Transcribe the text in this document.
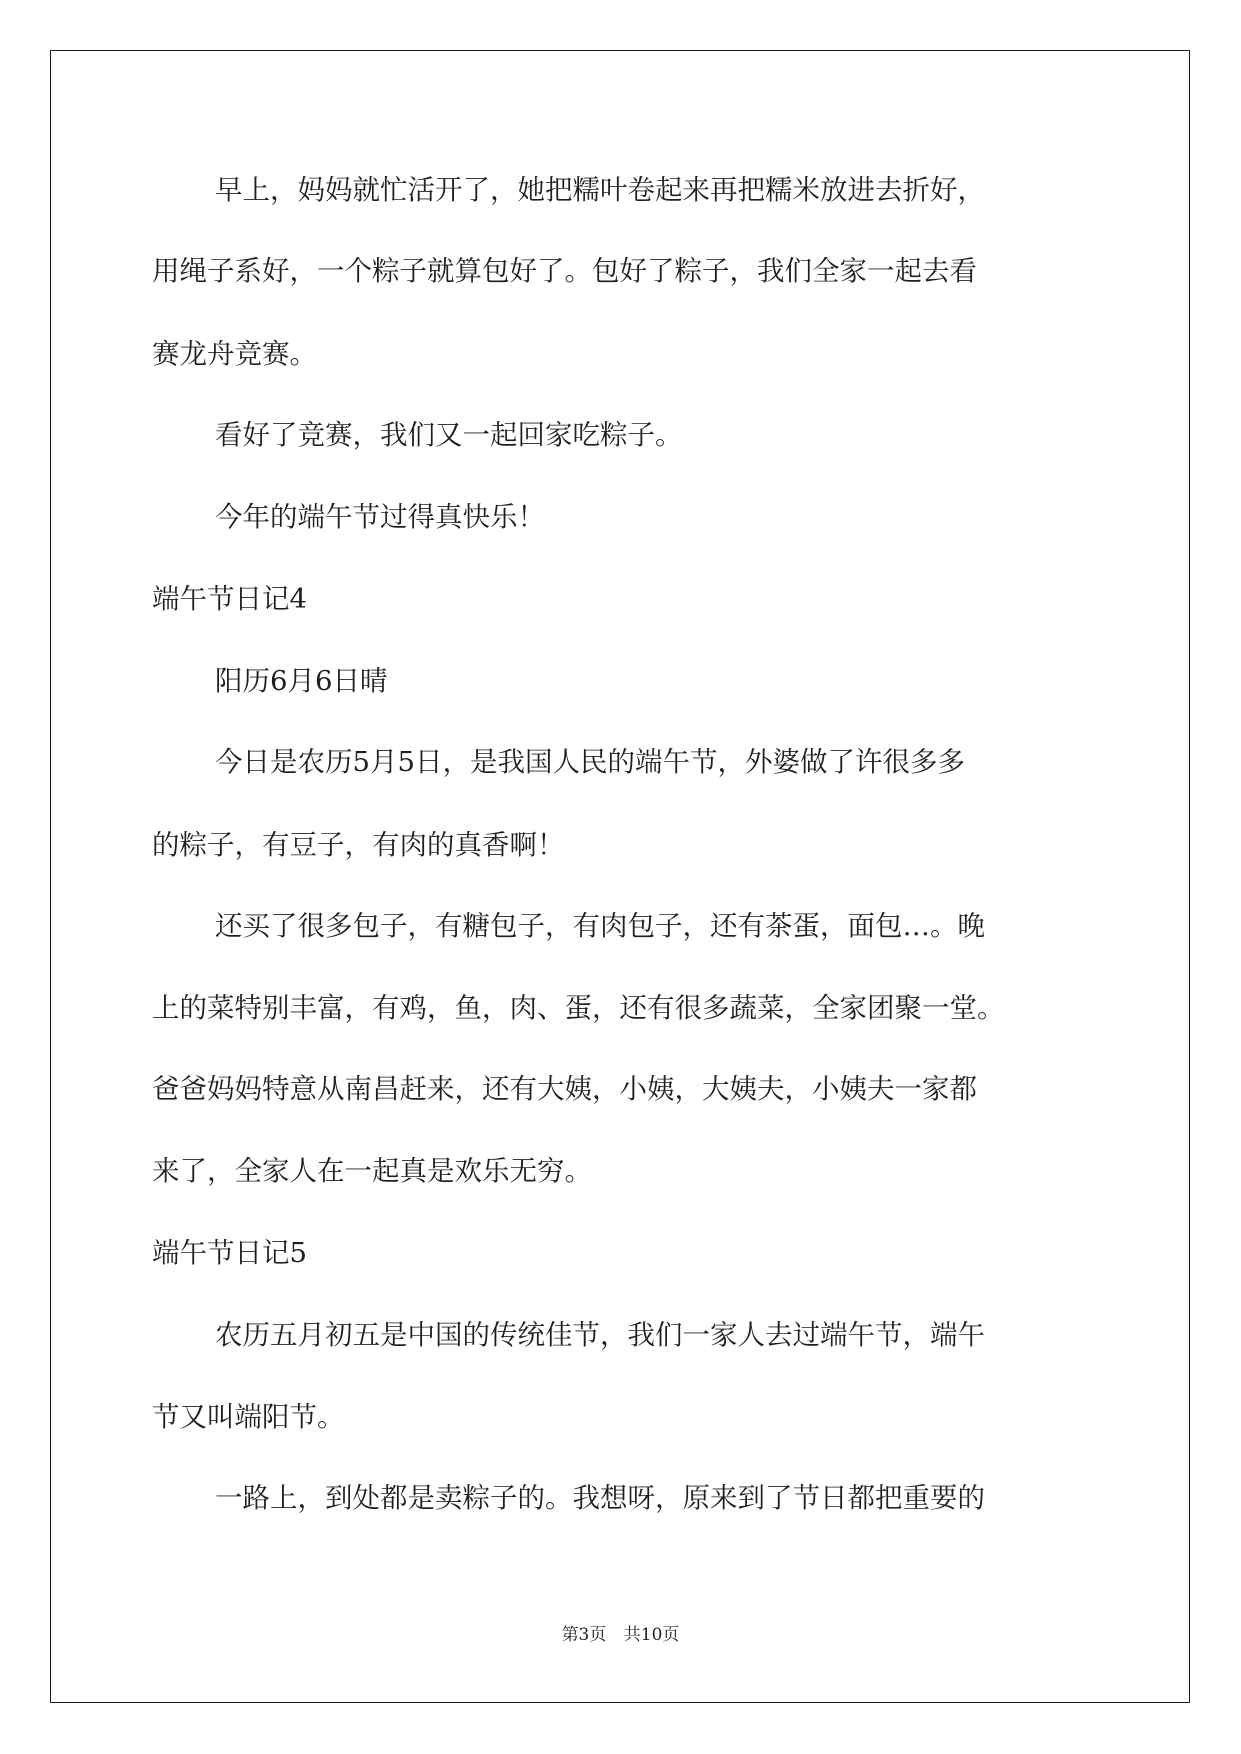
早上，妈妈就忙活开了，她把糯叶卷起来再把糯米放进去折好，

用绳子系好，一个粽子就算包好了。包好了粽子，我们全家一起去看

赛龙舟竞赛。

看好了竞赛，我们又一起回家吃粽子。

今年的端午节过得真快乐！

端午节日记4

阳历6月6日晴

今日是农历5月5日，是我国人民的端午节，外婆做了许很多多

的粽子，有豆子，有肉的真香啊！

还买了很多包子，有糖包子，有肉包子，还有茶蛋，面包…。晚

上的菜特别丰富，有鸡，鱼，肉、蛋，还有很多蔬菜，全家团聚一堂。

爸爸妈妈特意从南昌赶来，还有大姨，小姨，大姨夫，小姨夫一家都

来了，全家人在一起真是欢乐无穷。

端午节日记5

农历五月初五是中国的传统佳节，我们一家人去过端午节，端午

节又叫端阳节。

一路上，到处都是卖粽子的。我想呀，原来到了节日都把重要的

第3页 共10页
